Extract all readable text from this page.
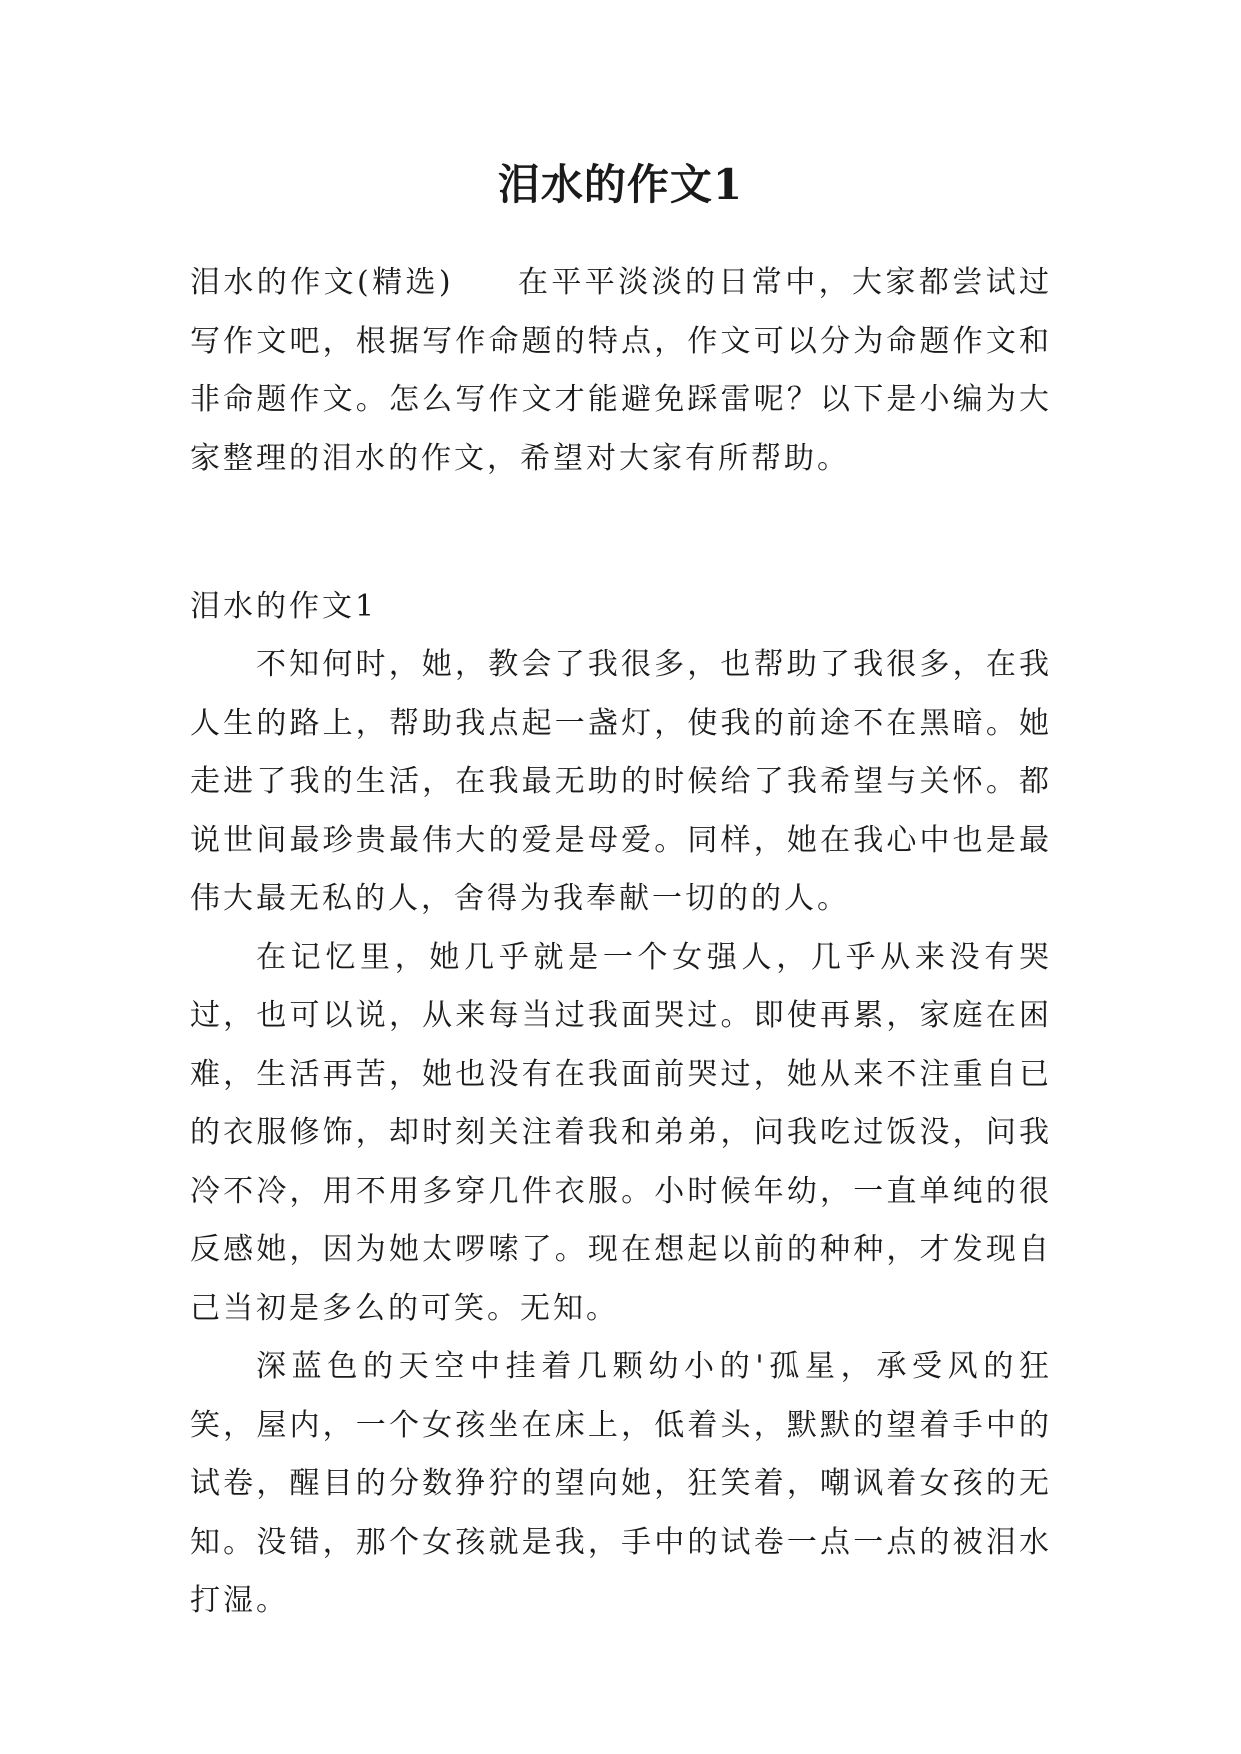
泪水的作文1

泪水的作文(精选) 在平平淡淡的日常中，大家都尝试过写作文吧，根据写作命题的特点，作文可以分为命题作文和非命题作文。怎么写作文才能避免踩雷呢？以下是小编为大家整理的泪水的作文，希望对大家有所帮助。

泪水的作文1

不知何时，她，教会了我很多，也帮助了我很多，在我人生的路上，帮助我点起一盏灯，使我的前途不在黑暗。她走进了我的生活，在我最无助的时候给了我希望与关怀。都说世间最珍贵最伟大的爱是母爱。同样，她在我心中也是最伟大最无私的人，舍得为我奉献一切的的人。

在记忆里，她几乎就是一个女强人，几乎从来没有哭过，也可以说，从来每当过我面哭过。即使再累，家庭在困难，生活再苦，她也没有在我面前哭过，她从来不注重自已的衣服修饰，却时刻关注着我和弟弟，问我吃过饭没，问我冷不冷，用不用多穿几件衣服。小时候年幼，一直单纯的很反感她，因为她太啰嗦了。现在想起以前的种种，才发现自己当初是多么的可笑。无知。

深蓝色的天空中挂着几颗幼小的'孤星，承受风的狂笑，屋内，一个女孩坐在床上，低着头，默默的望着手中的试卷，醒目的分数狰狞的望向她，狂笑着，嘲讽着女孩的无知。没错，那个女孩就是我，手中的试卷一点一点的被泪水打湿。
